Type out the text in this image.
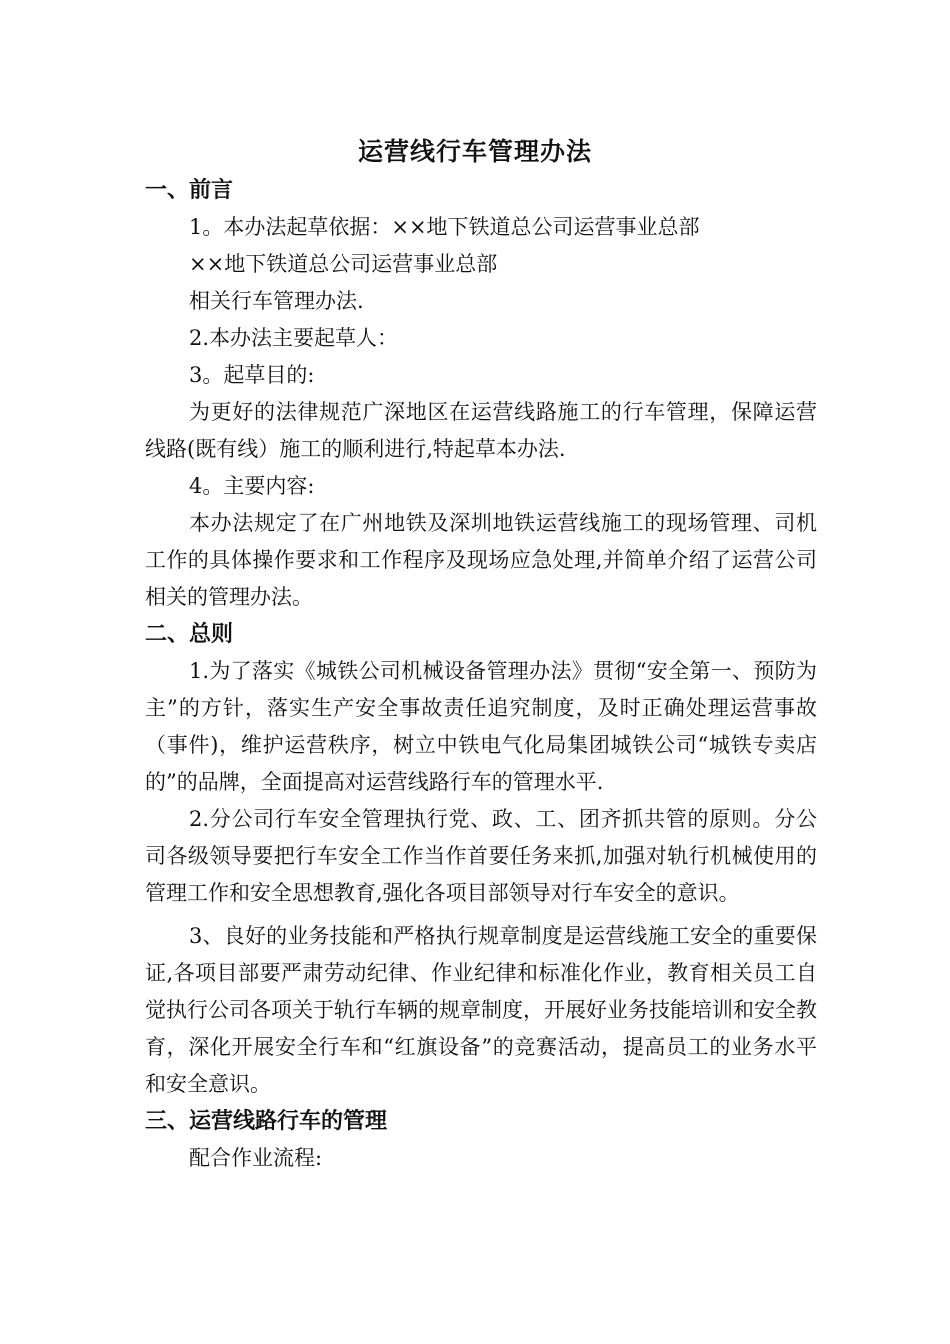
运营线行车管理办法

一、前言

1。本办法起草依据：××地下铁道总公司运营事业总部

××地下铁道总公司运营事业总部

相关行车管理办法.

2.本办法主要起草人：

3。起草目的:

为更好的法律规范广深地区在运营线路施工的行车管理，保障运营线路(既有线）施工的顺利进行,特起草本办法.

4。主要内容:

本办法规定了在广州地铁及深圳地铁运营线施工的现场管理、司机工作的具体操作要求和工作程序及现场应急处理,并简单介绍了运营公司相关的管理办法。

二、总则

1.为了落实《城铁公司机械设备管理办法》贯彻“安全第一、预防为主”的方针，落实生产安全事故责任追究制度，及时正确处理运营事故（事件)，维护运营秩序，树立中铁电气化局集团城铁公司“城铁专卖店的”的品牌，全面提高对运营线路行车的管理水平.

2.分公司行车安全管理执行党、政、工、团齐抓共管的原则。分公司各级领导要把行车安全工作当作首要任务来抓,加强对轨行机械使用的管理工作和安全思想教育,强化各项目部领导对行车安全的意识。

3、良好的业务技能和严格执行规章制度是运营线施工安全的重要保证,各项目部要严肃劳动纪律、作业纪律和标准化作业，教育相关员工自觉执行公司各项关于轨行车辆的规章制度，开展好业务技能培训和安全教育，深化开展安全行车和“红旗设备”的竞赛活动，提高员工的业务水平和安全意识。

三、运营线路行车的管理

配合作业流程:
